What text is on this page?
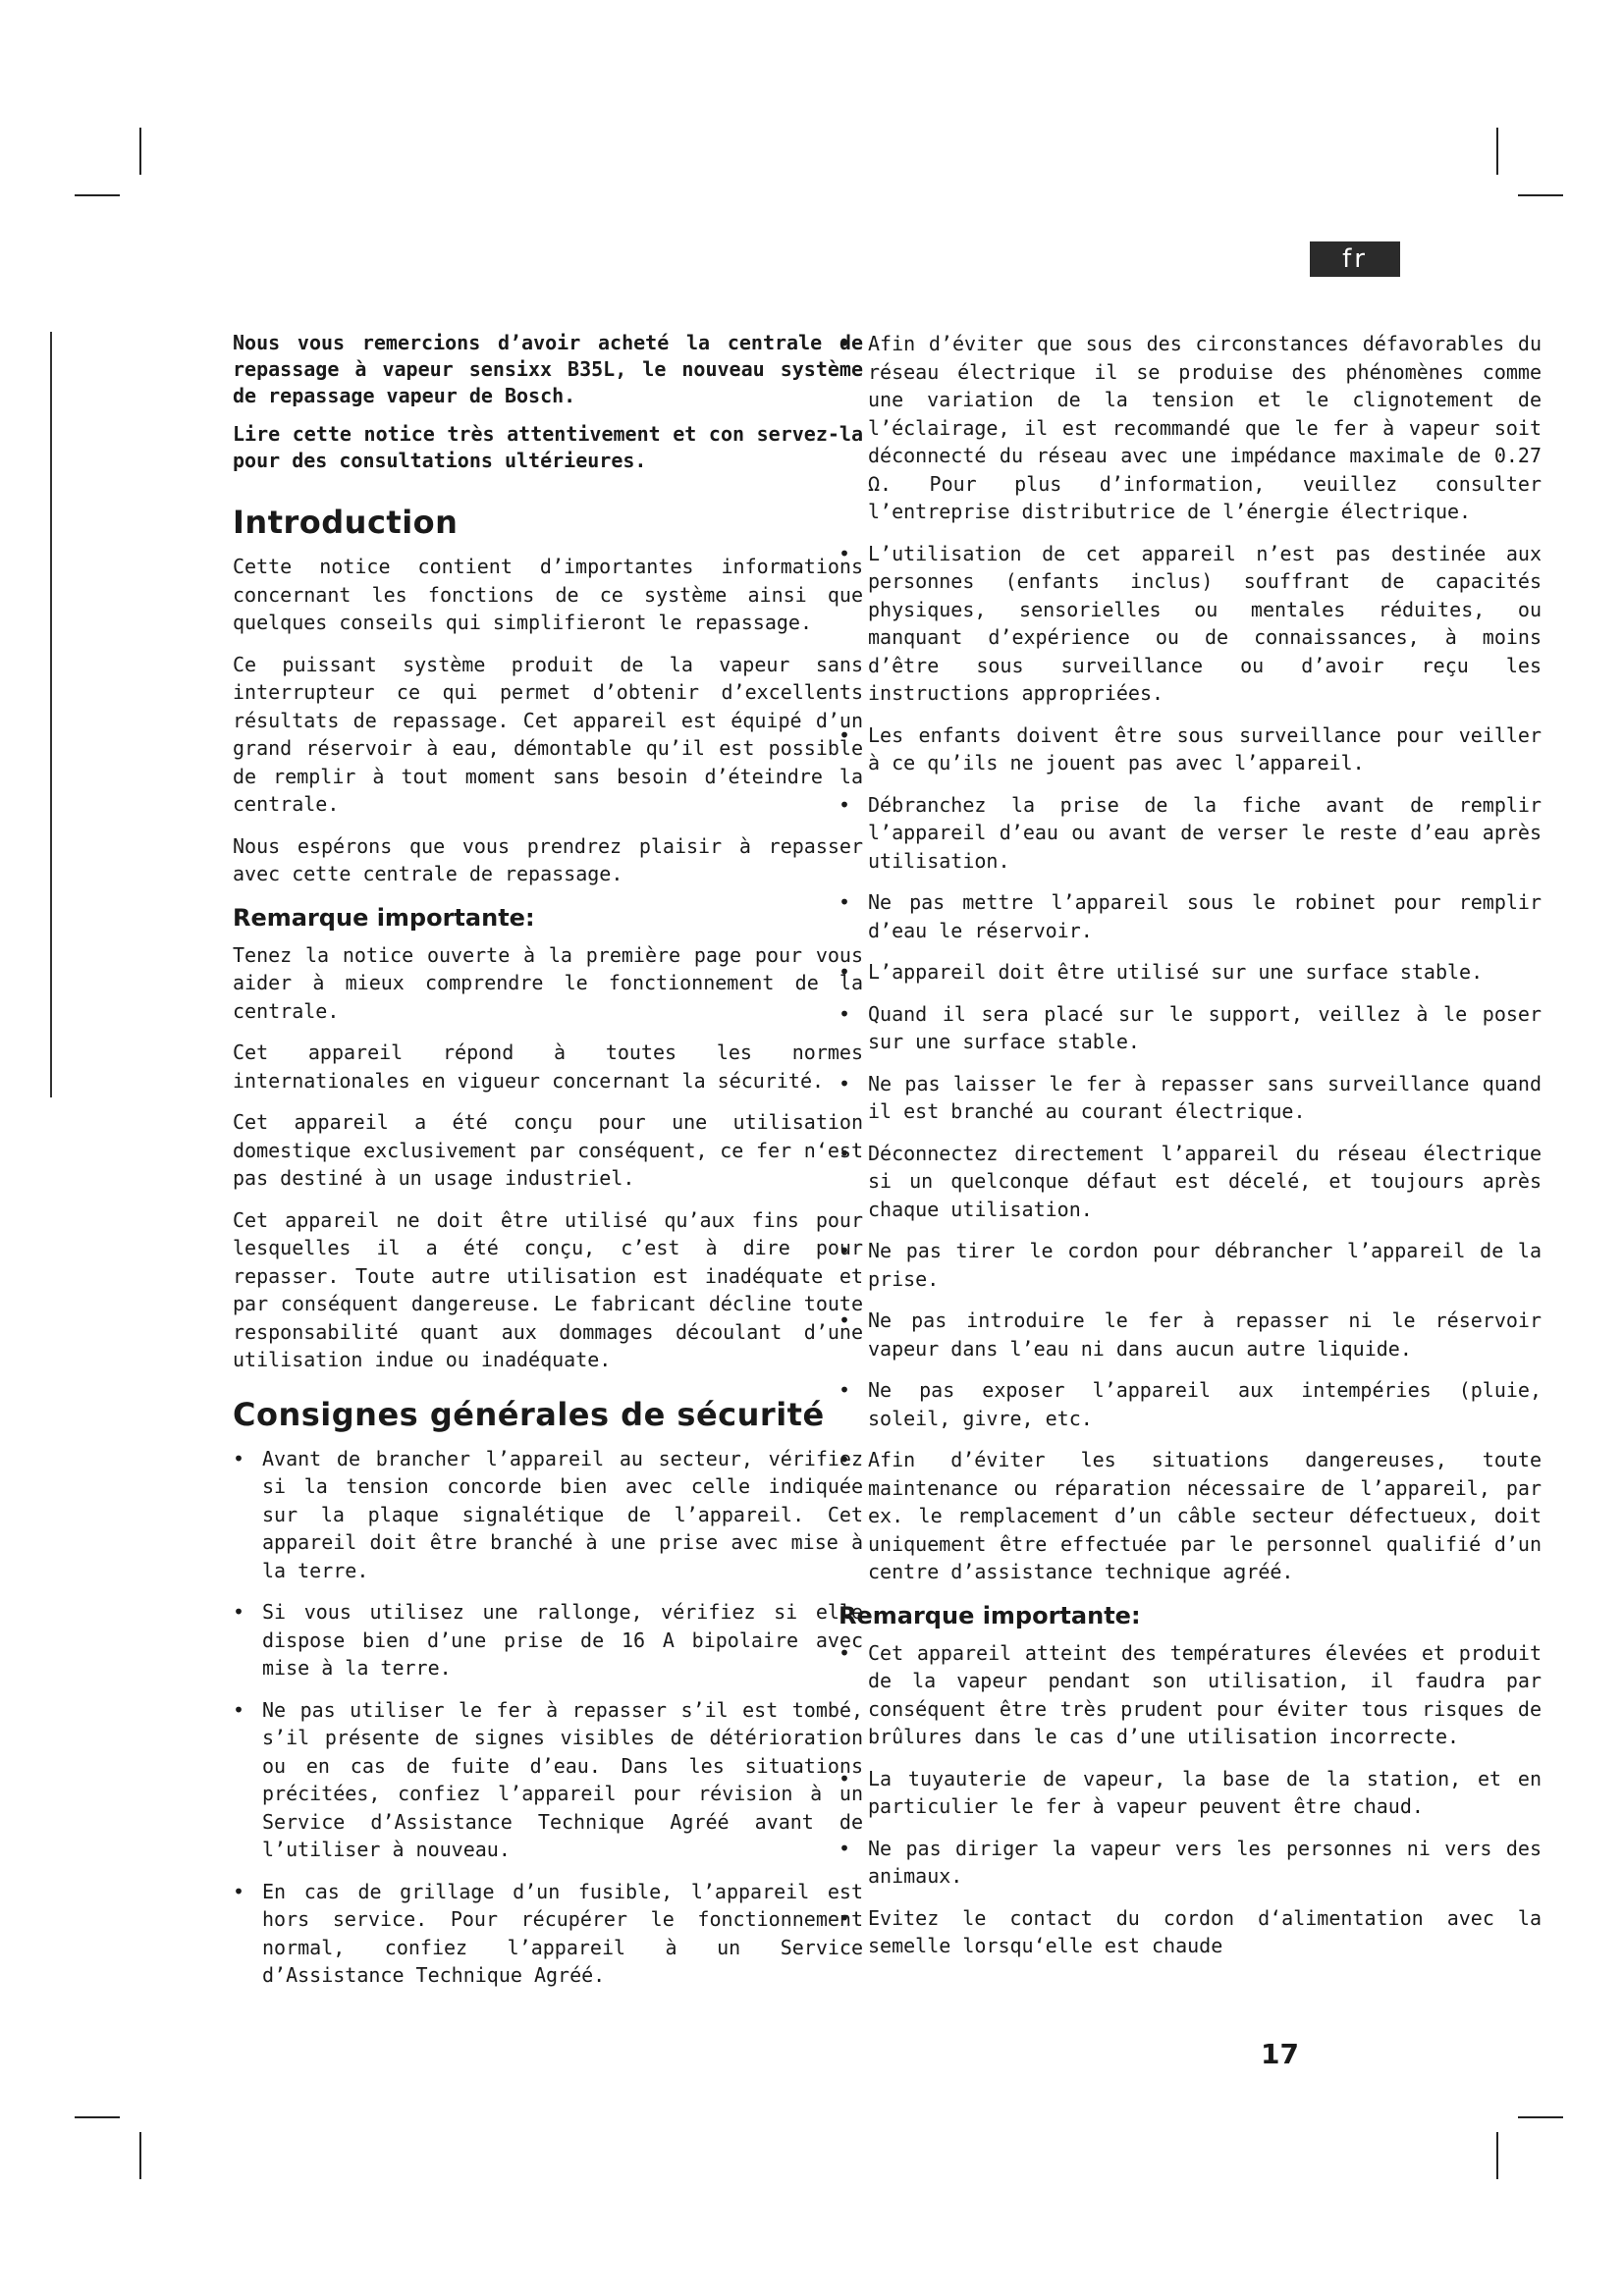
fr

Nous vous remercions d’avoir acheté la centrale de repassage à vapeur sensixx B35L, le nouveau système de repassage vapeur de Bosch.

Lire cette notice très attentivement et con servez-la pour des consultations ultérieures.

Introduction

Cette notice contient d’importantes informations concernant les fonctions de ce système ainsi que quelques conseils qui simplifieront le repassage.

Ce puissant système produit de la vapeur sans interrupteur ce qui permet d’obtenir d’excellents résultats de repassage. Cet appareil est équipé d’un grand réservoir à eau, démontable qu’il est possible de remplir à tout moment sans besoin d’éteindre la centrale.

Nous espérons que vous prendrez plaisir à repasser avec cette centrale de repassage.

Remarque importante:

Tenez la notice ouverte à la première page pour vous aider à mieux comprendre le fonctionnement de la centrale.

Cet appareil répond à toutes les normes internationales en vigueur concernant la sécurité.

Cet appareil a été conçu pour une utilisation domestique exclusivement par conséquent, ce fer n‘est pas destiné à un usage industriel.

Cet appareil ne doit être utilisé qu’aux fins pour lesquelles il a été conçu, c’est à dire pour repasser. Toute autre utilisation est inadéquate et par conséquent dangereuse. Le fabricant décline toute responsabilité quant aux dommages découlant d’une utilisation indue ou inadéquate.

Consignes générales de sécurité
• Avant de brancher l’appareil au secteur, vérifiez si la tension concorde bien avec celle indiquée sur la plaque signalétique de l’appareil. Cet appareil doit être branché à une prise avec mise à la terre.
• Si vous utilisez une rallonge, vérifiez si elle dispose bien d’une prise de 16 A bipolaire avec mise à la terre.
• Ne pas utiliser le fer à repasser s’il est tombé, s’il présente de signes visibles de détérioration ou en cas de fuite d’eau. Dans les situations précitées, confiez l’appareil pour révision à un Service d’Assistance Technique Agréé avant de l’utiliser à nouveau.
• En cas de grillage d’un fusible, l’appareil est hors service. Pour récupérer le fonctionnement normal, confiez l’appareil à un Service d’Assistance Technique Agréé.
• Afin d’éviter que sous des circonstances défavorables du réseau électrique il se produise des phénomènes comme une variation de la tension et le clignotement de l’éclairage, il est recommandé que le fer à vapeur soit déconnecté du réseau avec une impédance maximale de 0.27 Ω. Pour plus d’information, veuillez consulter l’entreprise distributrice de l’énergie électrique.
• L’utilisation de cet appareil n’est pas destinée aux personnes (enfants inclus) souffrant de capacités physiques, sensorielles ou mentales réduites, ou manquant d’expérience ou de connaissances, à moins d’être sous surveillance ou d’avoir reçu les instructions appropriées.
• Les enfants doivent être sous surveillance pour veiller à ce qu’ils ne jouent pas avec l’appareil.
• Débranchez la prise de la fiche avant de remplir l’appareil d’eau ou avant de verser le reste d’eau après utilisation.
• Ne pas mettre l’appareil sous le robinet pour remplir d’eau le réservoir.
• L’appareil doit être utilisé sur une surface stable.
• Quand il sera placé sur le support, veillez à le poser sur une surface stable.
• Ne pas laisser le fer à repasser sans surveillance quand il est branché au courant électrique.
• Déconnectez directement l’appareil du réseau électrique si un quelconque défaut est décelé, et toujours après chaque utilisation.
• Ne pas tirer le cordon pour débrancher l’appareil de la prise.
• Ne pas introduire le fer à repasser ni le réservoir vapeur dans l’eau ni dans aucun autre liquide.
• Ne pas exposer l’appareil aux intempéries (pluie, soleil, givre, etc.
• Afin d’éviter les situations dangereuses, toute maintenance ou réparation nécessaire de l’appareil, par ex. le remplacement d’un câble secteur défectueux, doit uniquement être effectuée par le personnel qualifié d’un centre d’assistance technique agréé.
Remarque importante:
• Cet appareil atteint des températures élevées et produit de la vapeur pendant son utilisation, il faudra par conséquent être très prudent pour éviter tous risques de brûlures dans le cas d’une utilisation incorrecte.
• La tuyauterie de vapeur, la base de la station, et en particulier le fer à vapeur peuvent être chaud.
• Ne pas diriger la vapeur vers les personnes ni vers des animaux.
• Evitez le contact du cordon d‘alimentation avec la semelle lorsqu‘elle est chaude
17
